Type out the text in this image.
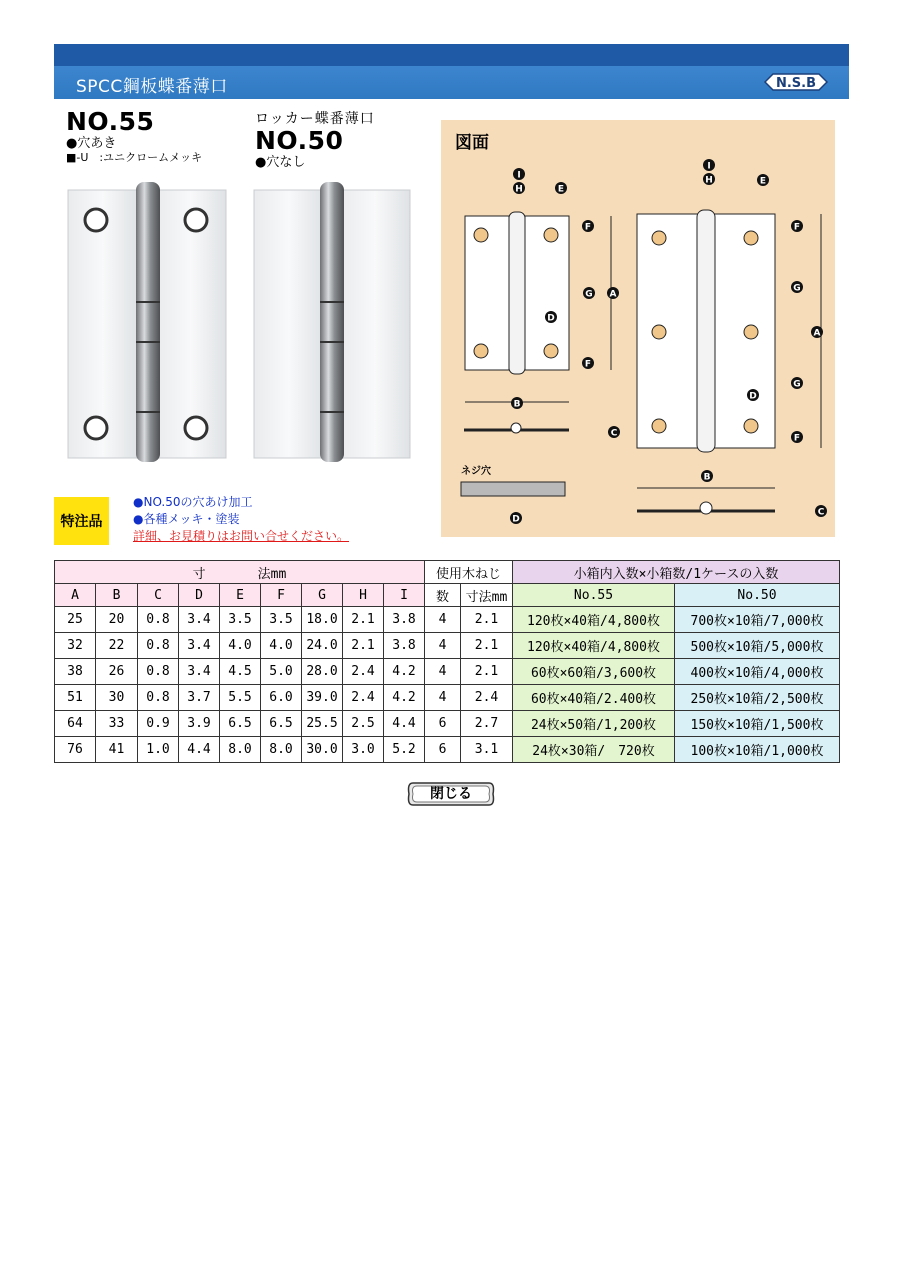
SPCC鋼板蝶番薄口	N.S.B
NO.55
●穴あき
■-U　:ユニクロームメッキ
ロッカー蝶番薄口
NO.50
●穴なし
図面
I
H	E
F
G A
D
F
B
C
I
H	E
F
G
A
D
G
F
B
C
D
ネジ穴
特注品
●NO.50の穴あけ加工
●各種メッキ・塗装
詳細、お見積りはお問い合せください。
寸　　　　法mm									使用木ねじ		小箱内入数×小箱数/1ケースの入数	
A	B	C	D	E	F	G	H	I	数	寸法mm	No.55	No.50
25	20	0.8	3.4	3.5	3.5	18.0	2.1	3.8	4	2.1	120枚×40箱/4,800枚	700枚×10箱/7,000枚
32	22	0.8	3.4	4.0	4.0	24.0	2.1	3.8	4	2.1	120枚×40箱/4,800枚	500枚×10箱/5,000枚
38	26	0.8	3.4	4.5	5.0	28.0	2.4	4.2	4	2.1	60枚×60箱/3,600枚	400枚×10箱/4,000枚
51	30	0.8	3.7	5.5	6.0	39.0	2.4	4.2	4	2.4	60枚×40箱/2.400枚	250枚×10箱/2,500枚
64	33	0.9	3.9	6.5	6.5	25.5	2.5	4.4	6	2.7	24枚×50箱/1,200枚	150枚×10箱/1,500枚
76	41	1.0	4.4	8.0	8.0	30.0	3.0	5.2	6	3.1	24枚×30箱/　720枚	100枚×10箱/1,000枚
閉じる
